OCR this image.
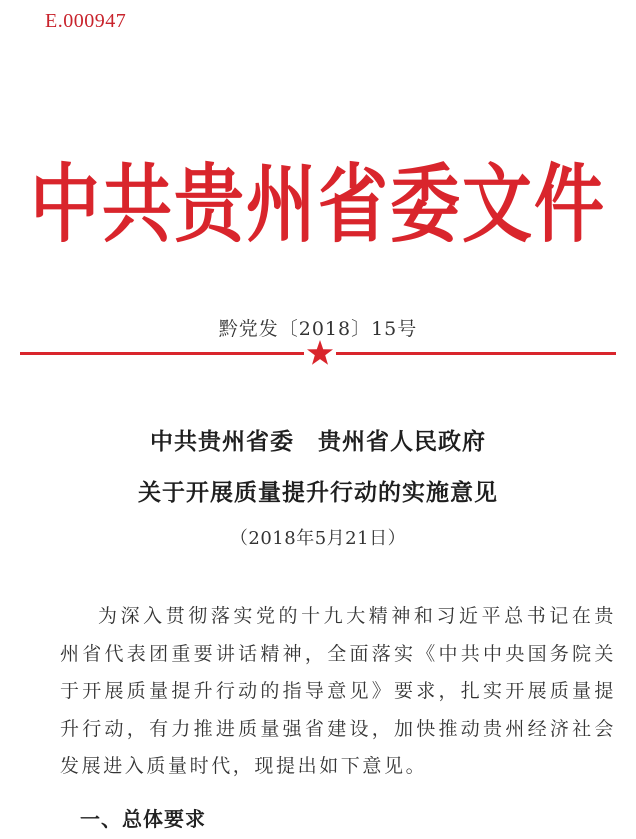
E.000947
中共贵州省委文件
黔党发〔2018〕15号
中共贵州省委　贵州省人民政府
关于开展质量提升行动的实施意见
（2018年5月21日）

为深入贯彻落实党的十九大精神和习近平总书记在贵州省代表团重要讲话精神，全面落实《中共中央国务院关于开展质量提升行动的指导意见》要求，扎实开展质量提升行动，有力推进质量强省建设，加快推动贵州经济社会发展进入质量时代，现提出如下意见。

一、总体要求
